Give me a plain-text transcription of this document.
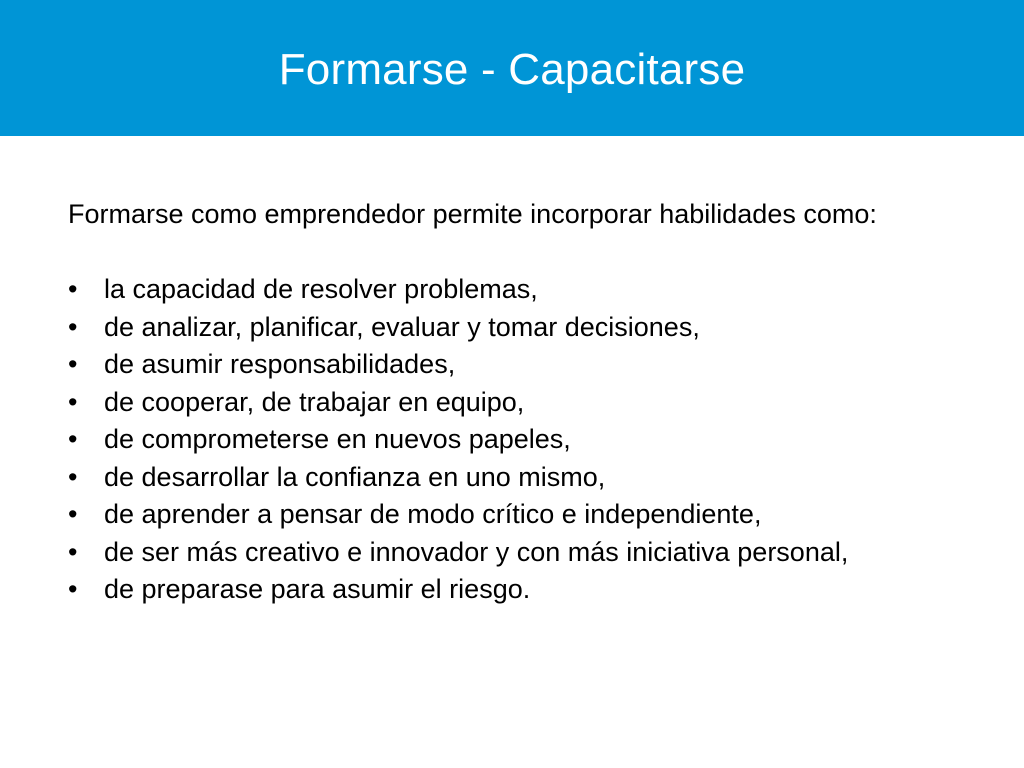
Formarse - Capacitarse

Formarse como emprendedor permite incorporar habilidades como:

• la capacidad de resolver problemas,
• de analizar, planificar, evaluar y tomar decisiones,
• de asumir responsabilidades,
• de cooperar, de trabajar en equipo,
• de comprometerse en nuevos papeles,
• de desarrollar la confianza en uno mismo,
• de aprender a pensar de modo crítico e independiente,
• de ser más creativo e innovador y con más iniciativa personal,
• de preparase para asumir el riesgo.
